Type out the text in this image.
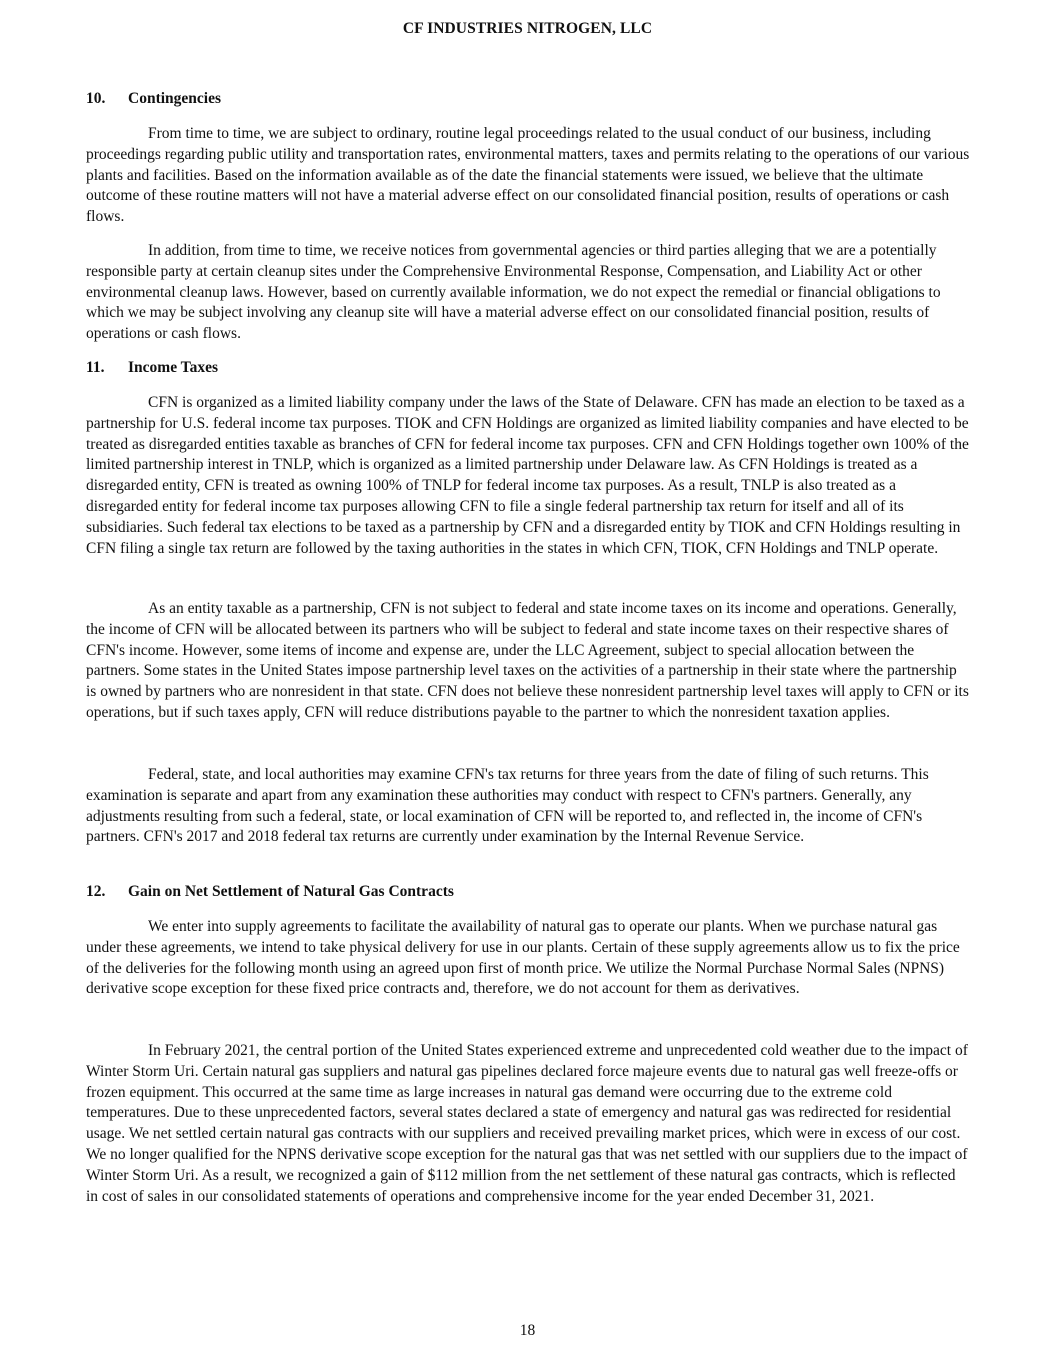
CF INDUSTRIES NITROGEN, LLC
10.	Contingencies

From time to time, we are subject to ordinary, routine legal proceedings related to the usual conduct of our business, including proceedings regarding public utility and transportation rates, environmental matters, taxes and permits relating to the operations of our various plants and facilities. Based on the information available as of the date the financial statements were issued, we believe that the ultimate outcome of these routine matters will not have a material adverse effect on our consolidated financial position, results of operations or cash flows.

In addition, from time to time, we receive notices from governmental agencies or third parties alleging that we are a potentially responsible party at certain cleanup sites under the Comprehensive Environmental Response, Compensation, and Liability Act or other environmental cleanup laws. However, based on currently available information, we do not expect the remedial or financial obligations to which we may be subject involving any cleanup site will have a material adverse effect on our consolidated financial position, results of operations or cash flows.

11.	Income Taxes

CFN is organized as a limited liability company under the laws of the State of Delaware. CFN has made an election to be taxed as a partnership for U.S. federal income tax purposes. TIOK and CFN Holdings are organized as limited liability companies and have elected to be treated as disregarded entities taxable as branches of CFN for federal income tax purposes. CFN and CFN Holdings together own 100% of the limited partnership interest in TNLP, which is organized as a limited partnership under Delaware law. As CFN Holdings is treated as a disregarded entity, CFN is treated as owning 100% of TNLP for federal income tax purposes. As a result, TNLP is also treated as a disregarded entity for federal income tax purposes allowing CFN to file a single federal partnership tax return for itself and all of its subsidiaries. Such federal tax elections to be taxed as a partnership by CFN and a disregarded entity by TIOK and CFN Holdings resulting in CFN filing a single tax return are followed by the taxing authorities in the states in which CFN, TIOK, CFN Holdings and TNLP operate.

As an entity taxable as a partnership, CFN is not subject to federal and state income taxes on its income and operations. Generally, the income of CFN will be allocated between its partners who will be subject to federal and state income taxes on their respective shares of CFN's income. However, some items of income and expense are, under the LLC Agreement, subject to special allocation between the partners. Some states in the United States impose partnership level taxes on the activities of a partnership in their state where the partnership is owned by partners who are nonresident in that state. CFN does not believe these nonresident partnership level taxes will apply to CFN or its operations, but if such taxes apply, CFN will reduce distributions payable to the partner to which the nonresident taxation applies.

Federal, state, and local authorities may examine CFN's tax returns for three years from the date of filing of such returns. This examination is separate and apart from any examination these authorities may conduct with respect to CFN's partners. Generally, any adjustments resulting from such a federal, state, or local examination of CFN will be reported to, and reflected in, the income of CFN's partners. CFN's 2017 and 2018 federal tax returns are currently under examination by the Internal Revenue Service.

12.	Gain on Net Settlement of Natural Gas Contracts

We enter into supply agreements to facilitate the availability of natural gas to operate our plants. When we purchase natural gas under these agreements, we intend to take physical delivery for use in our plants. Certain of these supply agreements allow us to fix the price of the deliveries for the following month using an agreed upon first of month price. We utilize the Normal Purchase Normal Sales (NPNS) derivative scope exception for these fixed price contracts and, therefore, we do not account for them as derivatives.

In February 2021, the central portion of the United States experienced extreme and unprecedented cold weather due to the impact of Winter Storm Uri. Certain natural gas suppliers and natural gas pipelines declared force majeure events due to natural gas well freeze-offs or frozen equipment. This occurred at the same time as large increases in natural gas demand were occurring due to the extreme cold temperatures. Due to these unprecedented factors, several states declared a state of emergency and natural gas was redirected for residential usage. We net settled certain natural gas contracts with our suppliers and received prevailing market prices, which were in excess of our cost. We no longer qualified for the NPNS derivative scope exception for the natural gas that was net settled with our suppliers due to the impact of Winter Storm Uri. As a result, we recognized a gain of $112 million from the net settlement of these natural gas contracts, which is reflected in cost of sales in our consolidated statements of operations and comprehensive income for the year ended December 31, 2021.

18
